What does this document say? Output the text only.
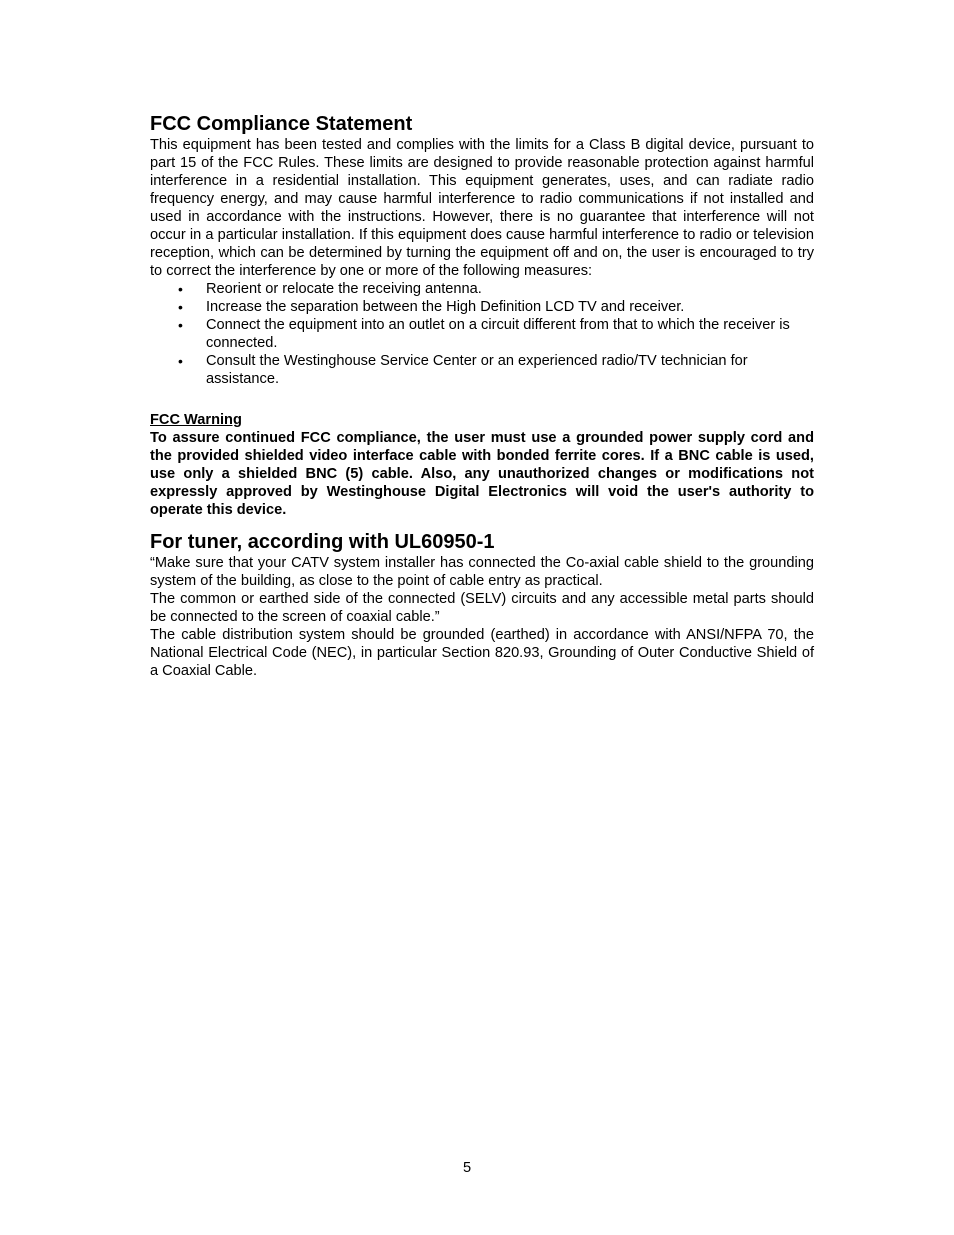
FCC Compliance Statement

This equipment has been tested and complies with the limits for a Class B digital device, pursuant to part 15 of the FCC Rules. These limits are designed to provide reasonable protection against harmful interference in a residential installation. This equipment generates, uses, and can radiate radio frequency energy, and may cause harmful interference to radio communications if not installed and used in accordance with the instructions. However, there is no guarantee that interference will not occur in a particular installation. If this equipment does cause harmful interference to radio or television reception, which can be determined by turning the equipment off and on, the user is encouraged to try to correct the interference by one or more of the following measures:

• Reorient or relocate the receiving antenna.
• Increase the separation between the High Definition LCD TV and receiver.
• Connect the equipment into an outlet on a circuit different from that to which the receiver is connected.
• Consult the Westinghouse Service Center or an experienced radio/TV technician for assistance.
FCC Warning

To assure continued FCC compliance, the user must use a grounded power supply cord and the provided shielded video interface cable with bonded ferrite cores. If a BNC cable is used, use only a shielded BNC (5) cable. Also, any unauthorized changes or modifications not expressly approved by Westinghouse Digital Electronics will void the user's authority to operate this device.

For tuner, according with UL60950-1

“Make sure that your CATV system installer has connected the Co-axial cable shield to the grounding system of the building, as close to the point of cable entry as practical.

The common or earthed side of the connected (SELV) circuits and any accessible metal parts should be connected to the screen of coaxial cable.”

The cable distribution system should be grounded (earthed) in accordance with ANSI/NFPA 70, the National Electrical Code (NEC), in particular Section 820.93, Grounding of Outer Conductive Shield of a Coaxial Cable.

5
